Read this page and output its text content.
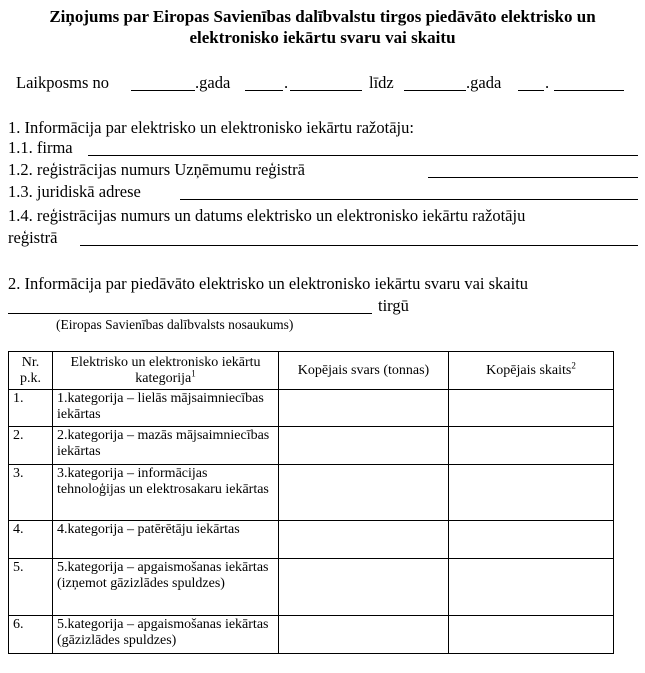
Ziņojums par Eiropas Savienības dalībvalstu tirgos piedāvāto elektrisko un
elektronisko iekārtu svaru vai skaitu
Laikposms no	.gada	.	līdz	.gada	.
1. Informācija par elektrisko un elektronisko iekārtu ražotāju:
1.1. firma
1.2. reģistrācijas numurs Uzņēmumu reģistrā
1.3. juridiskā adrese
1.4. reģistrācijas numurs un datums elektrisko un elektronisko iekārtu ražotāju
reģistrā
2. Informācija par piedāvāto elektrisko un elektronisko iekārtu svaru vai skaitu
tirgū
(Eiropas Savienības dalībvalsts nosaukums)
Nr. p.k.	Elektrisko un elektronisko iekārtu kategorija$^1$	Kopējais svars (tonnas)	Kopējais skaits$^2$
1.	1.kategorija – lielās mājsaimniecības iekārtas		
2.	2.kategorija – mazās mājsaimniecības iekārtas		
3.	3.kategorija – informācijas tehnoloģijas un elektrosakaru iekārtas		
4.	4.kategorija – patērētāju iekārtas		
5.	5.kategorija – apgaismošanas iekārtas (izņemot gāzizlādes spuldzes)		
6.	5.kategorija – apgaismošanas iekārtas (gāzizlādes spuldzes)		
